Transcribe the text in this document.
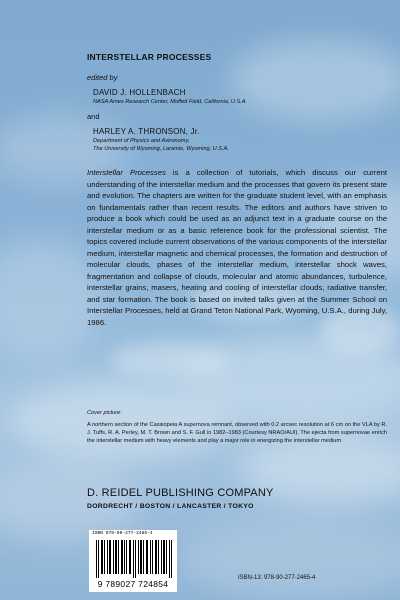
INTERSTELLAR PROCESSES
edited by
DAVID J. HOLLENBACH
NASA Ames Research Center, Moffett Field, California, U.S.A.
and
HARLEY A. THRONSON, Jr.
Department of Physics and Astronomy,
The University of Wyoming, Laramie, Wyoming, U.S.A.
Interstellar Processes is a collection of tutorials, which discuss our current understanding of the interstellar medium and the processes that govern its present state and evolution. The chapters are written for the graduate student level, with an emphasis on fundamentals rather than recent results. The editors and authors have striven to produce a book which could be used as an adjunct text in a graduate course on the interstellar medium or as a basic reference book for the professional scientist. The topics covered include current observations of the various components of the interstellar medium, interstellar magnetic and chemical processes, the formation and destruction of molecular clouds, phases of the interstellar medium, interstellar shock waves, fragmentation and collapse of clouds, molecular and atomic abundances, turbulence, interstellar grains, masers, heating and cooling of interstellar clouds, radiative transfer, and star formation. The book is based on invited talks given at the Summer School on Interstellar Processes, held at Grand Teton National Park, Wyoming, U.S.A., during July, 1986.
Cover picture:
A northern section of the Cassiopeia A supernova remnant, observed with 0.2 arcsec resolution at 6 cm on the VLA by R. J. Tuffs, R. A. Perley, M. T. Brown and S. F. Gull in 1982–1983 (Courtesy NRAO/AUI). The ejecta from supernovae enrich the interstellar medium with heavy elements and play a major role in energizing the interstellar medium.
D. REIDEL PUBLISHING COMPANY
DORDRECHT / BOSTON / LANCASTER / TOKYO
ISBN 978-90-277-2485-4
9 789027 724854
ISBN-13: 978-90-277-2465-4
